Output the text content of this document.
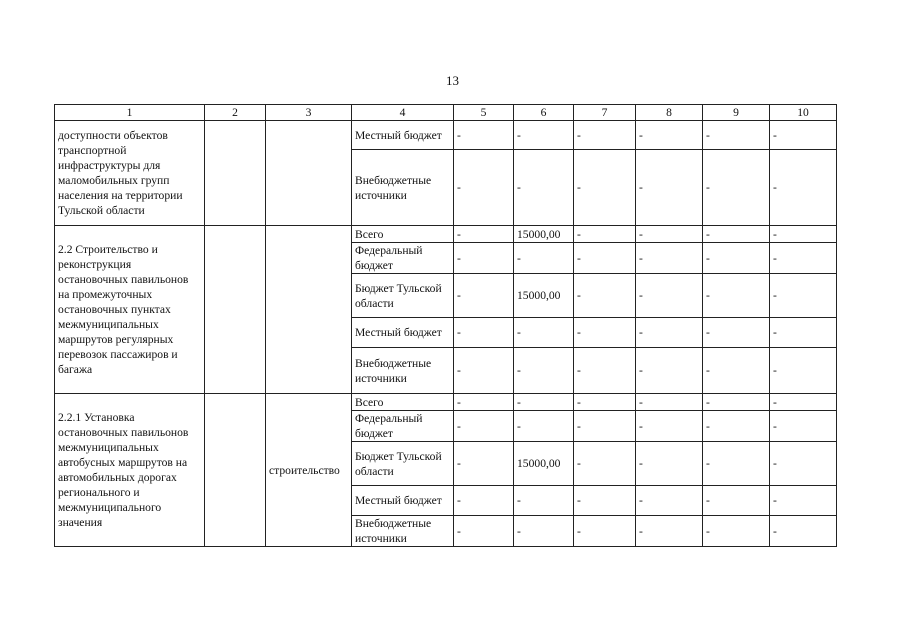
13
1	2	3	4	5	6	7	8	9	10
доступности объектов транспортной инфраструктуры для маломобильных групп населения на территории Тульской области			Местный бюджет	-	-	-	-	-	-
			Внебюджетные источники	-	-	-	-	-	-
2.2 Строительство и реконструкция остановочных павильонов на промежуточных остановочных пунктах межмуниципальных маршрутов регулярных перевозок пассажиров и багажа			Всего	-	15000,00	-	-	-	-
			Федеральный бюджет	-	-	-	-	-	-
			Бюджет Тульской области	-	15000,00	-	-	-	-
			Местный бюджет	-	-	-	-	-	-
			Внебюджетные источники	-	-	-	-	-	-
2.2.1 Установка остановочных павильонов межмуниципальных автобусных маршрутов на автомобильных дорогах регионального и межмуниципального значения		строительство	Всего	-	-	-	-	-	-
			Федеральный бюджет	-	-	-	-	-	-
			Бюджет Тульской области	-	15000,00	-	-	-	-
			Местный бюджет	-	-	-	-	-	-
			Внебюджетные источники	-	-	-	-	-	-
